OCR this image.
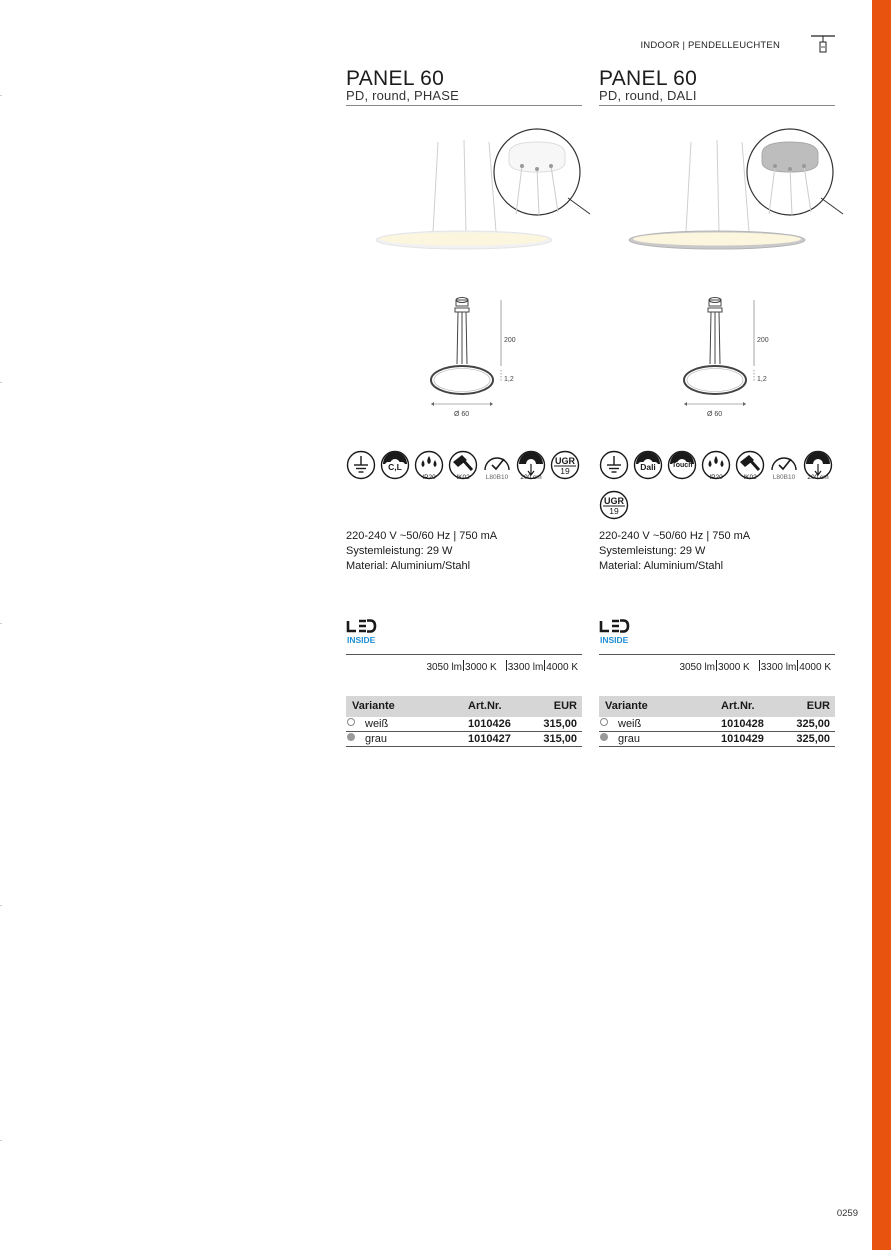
INDOOR | PENDELLEUCHTEN
PANEL 60
PD, round, PHASE
200
1,2
Ø 60
C,L
IP20	IK02	L80B10	200 cm
UGR
19
220-240 V ~50/60 Hz | 750 mA
Systemleistung: 29 W
Material: Aluminium/Stahl
INSIDE
3050 lm 3000 K 3300 lm 4000 K
Variante	Art.Nr.	EUR
weiß	1010426	315,00
grau	1010427	315,00
PANEL 60
PD, round, DALI
200
1,2
Ø 60
Dali	Touch
IP20	IK02	L80B10	200 cm
UGR
19
220-240 V ~50/60 Hz | 750 mA
Systemleistung: 29 W
Material: Aluminium/Stahl
INSIDE
3050 lm 3000 K 3300 lm 4000 K
Variante	Art.Nr.	EUR
weiß	1010428	325,00
grau	1010429	325,00
0259
